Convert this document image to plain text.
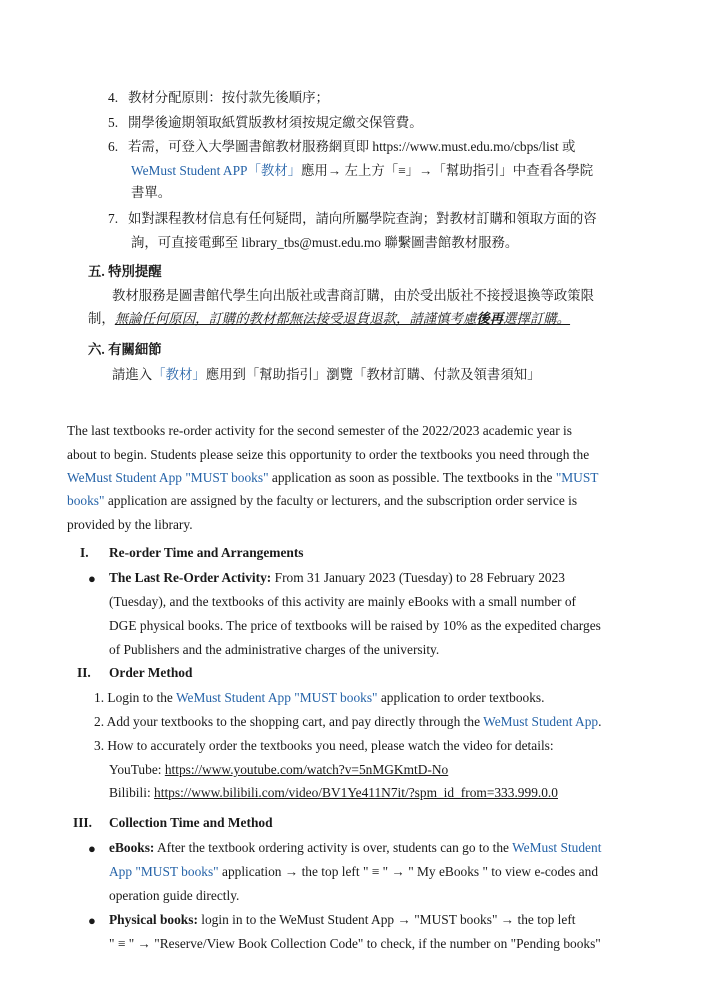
4. 教材分配原則：按付款先後順序；
5. 開學後逾期領取紙質版教材須按規定繳交保管費。
6. 若需，可登入大學圖書館教材服務網頁即 https://www.must.edu.mo/cbps/list 或
WeMust Student APP「教材」應用→ 左上方「≡」→「幫助指引」中查看各學院
書單。
7. 如對課程教材信息有任何疑問，請向所屬學院查詢；對教材訂購和領取方面的咨
詢，可直接電郵至 library_tbs@must.edu.mo 聯繫圖書館教材服務。
五. 特別提醒
教材服務是圖書館代學生向出版社或書商訂購，由於受出版社不接授退換等政策限
制，無論任何原因，訂購的教材都無法接受退貨退款，請謹慎考慮後再選擇訂購。
六. 有關細節
請進入「教材」應用到「幫助指引」瀏覽「教材訂購、付款及領書須知」
The last textbooks re-order activity for the second semester of the 2022/2023 academic year is
about to begin. Students please seize this opportunity to order the textbooks you need through the
WeMust Student App "MUST books" application as soon as possible. The textbooks in the "MUST
books" application are assigned by the faculty or lecturers, and the subscription order service is
provided by the library.
I. Re-order Time and Arrangements
● The Last Re-Order Activity: From 31 January 2023 (Tuesday) to 28 February 2023
(Tuesday), and the textbooks of this activity are mainly eBooks with a small number of
DGE physical books. The price of textbooks will be raised by 10% as the expedited charges
of Publishers and the administrative charges of the university.
II. Order Method
1. Login to the WeMust Student App "MUST books" application to order textbooks.
2. Add your textbooks to the shopping cart, and pay directly through the WeMust Student App.
3. How to accurately order the textbooks you need, please watch the video for details:
YouTube: https://www.youtube.com/watch?v=5nMGKmtD-No
Bilibili: https://www.bilibili.com/video/BV1Ye411N7it/?spm_id_from=333.999.0.0
III. Collection Time and Method
● eBooks: After the textbook ordering activity is over, students can go to the WeMust Student
App "MUST books" application → the top left " ≡ " → " My eBooks " to view e-codes and
operation guide directly.
● Physical books: login in to the WeMust Student App → "MUST books" → the top left
" ≡ " → "Reserve/View Book Collection Code" to check, if the number on "Pending books"
